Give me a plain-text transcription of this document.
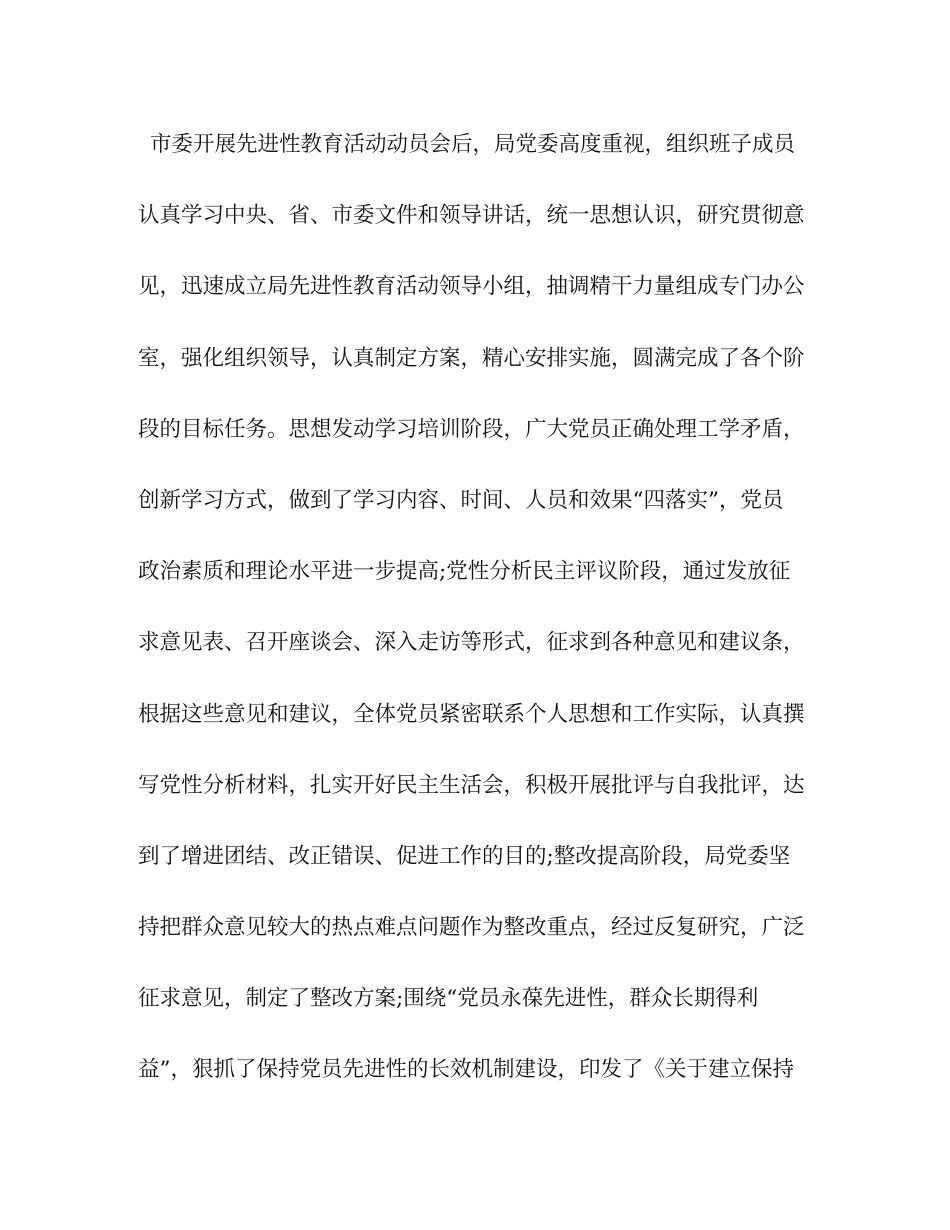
市委开展先进性教育活动动员会后，局党委高度重视，组织班子成员
认真学习中央、省、市委文件和领导讲话，统一思想认识，研究贯彻意
见，迅速成立局先进性教育活动领导小组，抽调精干力量组成专门办公
室，强化组织领导，认真制定方案，精心安排实施，圆满完成了各个阶
段的目标任务。思想发动学习培训阶段，广大党员正确处理工学矛盾，
创新学习方式，做到了学习内容、时间、人员和效果“四落实”，党员
政治素质和理论水平进一步提高;党性分析民主评议阶段，通过发放征
求意见表、召开座谈会、深入走访等形式，征求到各种意见和建议条，
根据这些意见和建议，全体党员紧密联系个人思想和工作实际，认真撰
写党性分析材料，扎实开好民主生活会，积极开展批评与自我批评，达
到了增进团结、改正错误、促进工作的目的;整改提高阶段，局党委坚
持把群众意见较大的热点难点问题作为整改重点，经过反复研究，广泛
征求意见，制定了整改方案;围绕“党员永葆先进性，群众长期得利
益”，狠抓了保持党员先进性的长效机制建设，印发了《关于建立保持
